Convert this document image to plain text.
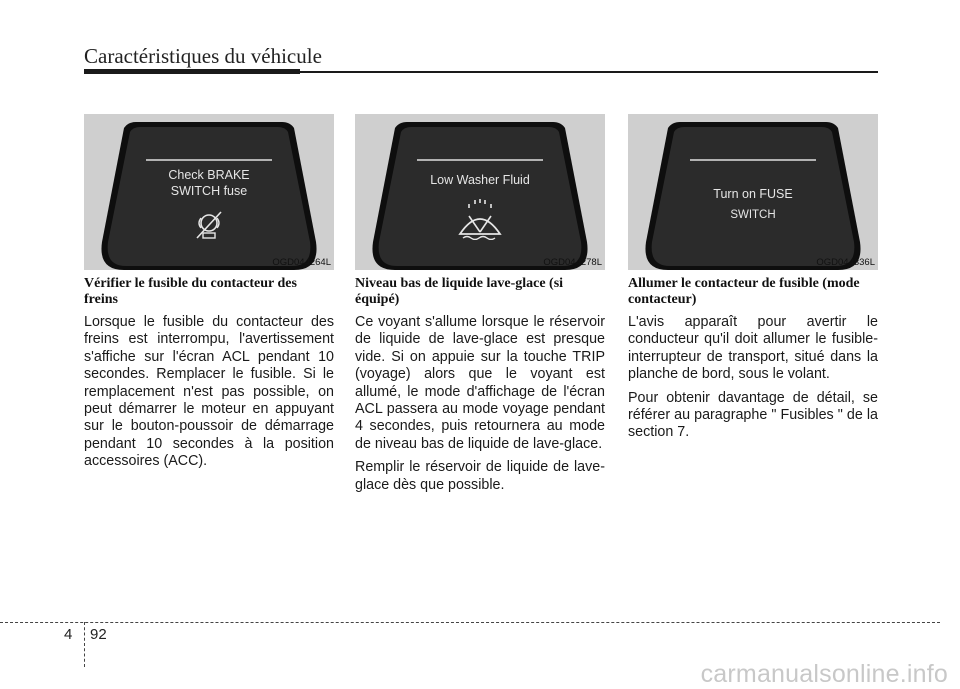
Caractéristiques du véhicule
Check BRAKE
SWITCH fuse
OGD044264L
Vérifier le fusible du contacteur des freins

Lorsque le fusible du contacteur des freins est interrompu, l'avertissement s'affiche sur l'écran ACL pendant 10 secondes. Remplacer le fusible. Si le remplacement n'est pas possible, on peut démarrer le moteur en appuyant sur le bouton-poussoir de démarrage pendant 10 secondes à la position accessoires (ACC).

Low Washer Fluid
OGD044278L
Niveau bas de liquide lave-glace (si équipé)

Ce voyant s'allume lorsque le réservoir de liquide de lave-glace est presque vide. Si on appuie sur la touche TRIP (voyage) alors que le voyant est allumé, le mode d'affichage de l'écran ACL passera au mode voyage pendant 4 secondes, puis retournera au mode de niveau bas de liquide de lave-glace.

Remplir le réservoir de liquide de lave-glace dès que possible.

Turn on FUSE
SWITCH
OGD044336L
Allumer le contacteur de fusible (mode contacteur)

L'avis apparaît pour avertir le conducteur qu'il doit allumer le fusible-interrupteur de transport, situé dans la planche de bord, sous le volant.

Pour obtenir davantage de détail, se référer au paragraphe " Fusibles " de la section 7.

4 92
carmanualsonline.info
